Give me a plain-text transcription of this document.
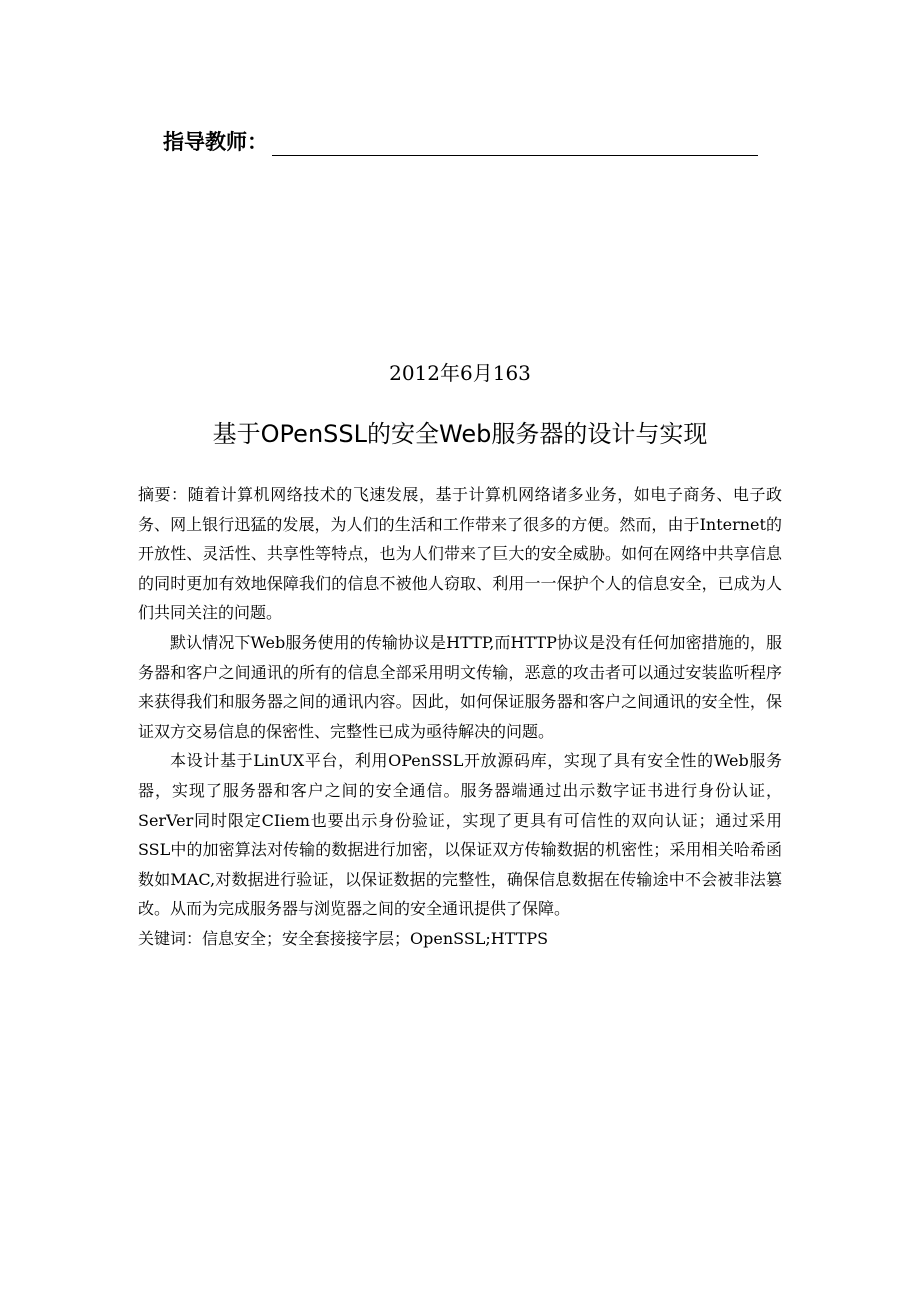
指导教师：
2012年6月163
基于OPenSSL的安全Web服务器的设计与实现

摘要：随着计算机网络技术的飞速发展，基于计算机网络诸多业务，如电子商务、电子政务、网上银行迅猛的发展，为人们的生活和工作带来了很多的方便。然而，由于Internet的开放性、灵活性、共享性等特点，也为人们带来了巨大的安全威胁。如何在网络中共享信息的同时更加有效地保障我们的信息不被他人窃取、利用一一保护个人的信息安全，已成为人们共同关注的问题。

默认情况下Web服务使用的传输协议是HTTP,而HTTP协议是没有任何加密措施的，服务器和客户之间通讯的所有的信息全部采用明文传输，恶意的攻击者可以通过安装监听程序来获得我们和服务器之间的通讯内容。因此，如何保证服务器和客户之间通讯的安全性，保证双方交易信息的保密性、完整性已成为亟待解决的问题。

本设计基于LinUX平台，利用OPenSSL开放源码库，实现了具有安全性的Web服务器，实现了服务器和客户之间的安全通信。服务器端通过出示数字证书进行身份认证，SerVer同时限定CIiem也要出示身份验证，实现了更具有可信性的双向认证；通过采用SSL中的加密算法对传输的数据进行加密，以保证双方传输数据的机密性；采用相关哈希函数如MAC,对数据进行验证，以保证数据的完整性，确保信息数据在传输途中不会被非法篡改。从而为完成服务器与浏览器之间的安全通讯提供了保障。

关键词：信息安全；安全套接接字层；OpenSSL;HTTPS
